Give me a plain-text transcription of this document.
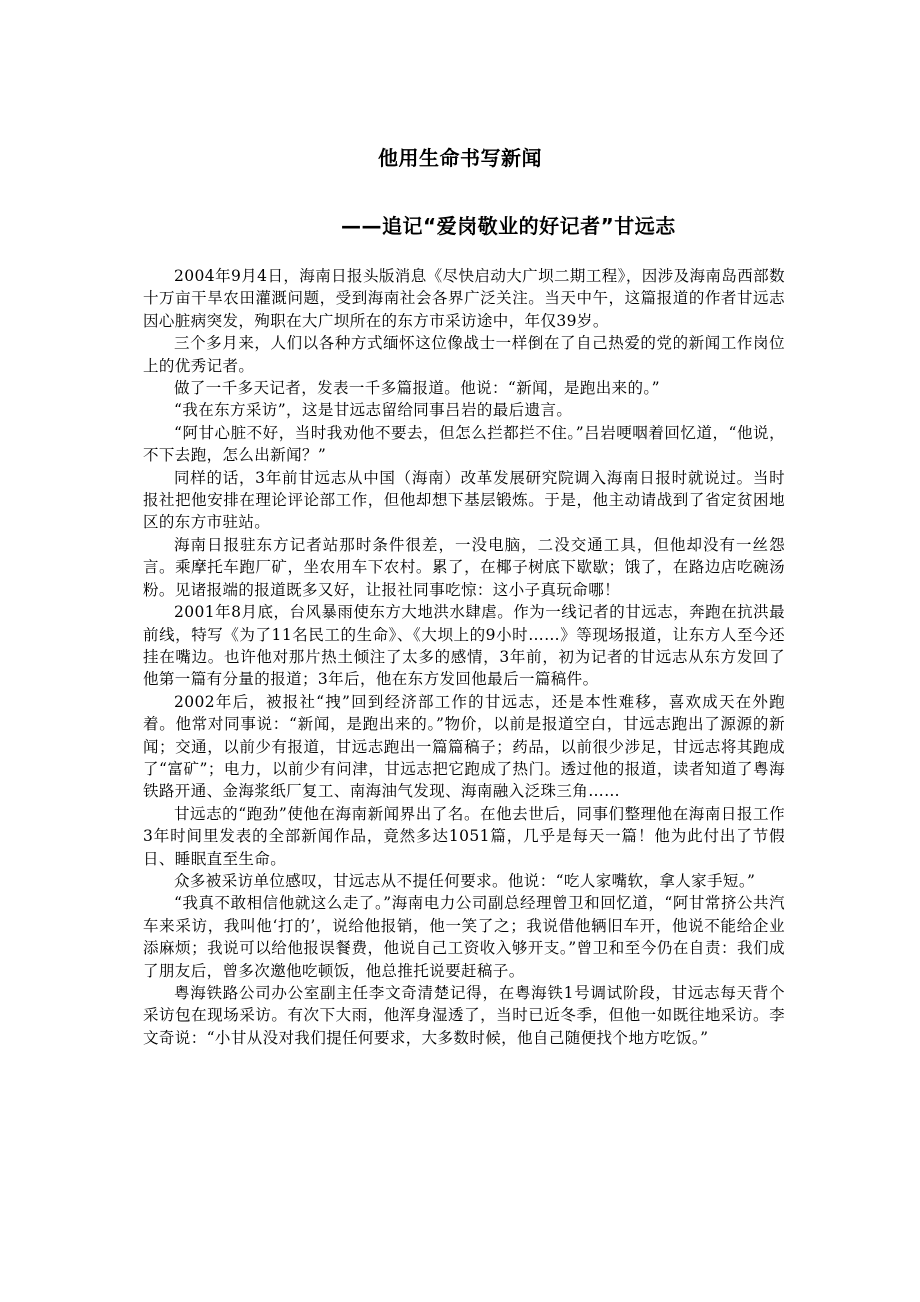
他用生命书写新闻
——追记“爱岗敬业的好记者”甘远志

2004年9月4日，海南日报头版消息《尽快启动大广坝二期工程》，因涉及海南岛西部数十万亩干旱农田灌溉问题，受到海南社会各界广泛关注。当天中午，这篇报道的作者甘远志因心脏病突发，殉职在大广坝所在的东方市采访途中，年仅39岁。

三个多月来，人们以各种方式缅怀这位像战士一样倒在了自己热爱的党的新闻工作岗位上的优秀记者。

做了一千多天记者，发表一千多篇报道。他说：“新闻，是跑出来的。”

“我在东方采访”，这是甘远志留给同事吕岩的最后遗言。

“阿甘心脏不好，当时我劝他不要去，但怎么拦都拦不住。”吕岩哽咽着回忆道，“他说，不下去跑，怎么出新闻？”

同样的话，3年前甘远志从中国（海南）改革发展研究院调入海南日报时就说过。当时报社把他安排在理论评论部工作，但他却想下基层锻炼。于是，他主动请战到了省定贫困地区的东方市驻站。

海南日报驻东方记者站那时条件很差，一没电脑，二没交通工具，但他却没有一丝怨言。乘摩托车跑厂矿，坐农用车下农村。累了，在椰子树底下歇歇；饿了，在路边店吃碗汤粉。见诸报端的报道既多又好，让报社同事吃惊：这小子真玩命哪！

2001年8月底，台风暴雨使东方大地洪水肆虐。作为一线记者的甘远志，奔跑在抗洪最前线，特写《为了11名民工的生命》、《大坝上的9小时……》等现场报道，让东方人至今还挂在嘴边。也许他对那片热土倾注了太多的感情，3年前，初为记者的甘远志从东方发回了他第一篇有分量的报道；3年后，他在东方发回他最后一篇稿件。

2002年后，被报社“拽”回到经济部工作的甘远志，还是本性难移，喜欢成天在外跑着。他常对同事说：“新闻，是跑出来的。”物价，以前是报道空白，甘远志跑出了源源的新闻；交通，以前少有报道，甘远志跑出一篇篇稿子；药品，以前很少涉足，甘远志将其跑成了“富矿”；电力，以前少有问津，甘远志把它跑成了热门。透过他的报道，读者知道了粤海铁路开通、金海浆纸厂复工、南海油气发现、海南融入泛珠三角……

甘远志的“跑劲”使他在海南新闻界出了名。在他去世后，同事们整理他在海南日报工作3年时间里发表的全部新闻作品，竟然多达1051篇，几乎是每天一篇！他为此付出了节假日、睡眠直至生命。

众多被采访单位感叹，甘远志从不提任何要求。他说：“吃人家嘴软，拿人家手短。”

“我真不敢相信他就这么走了。”海南电力公司副总经理曾卫和回忆道，“阿甘常挤公共汽车来采访，我叫他‘打的’，说给他报销，他一笑了之；我说借他辆旧车开，他说不能给企业添麻烦；我说可以给他报误餐费，他说自己工资收入够开支。”曾卫和至今仍在自责：我们成了朋友后，曾多次邀他吃顿饭，他总推托说要赶稿子。

粤海铁路公司办公室副主任李文奇清楚记得，在粤海铁1号调试阶段，甘远志每天背个采访包在现场采访。有次下大雨，他浑身湿透了，当时已近冬季，但他一如既往地采访。李文奇说：“小甘从没对我们提任何要求，大多数时候，他自己随便找个地方吃饭。”
